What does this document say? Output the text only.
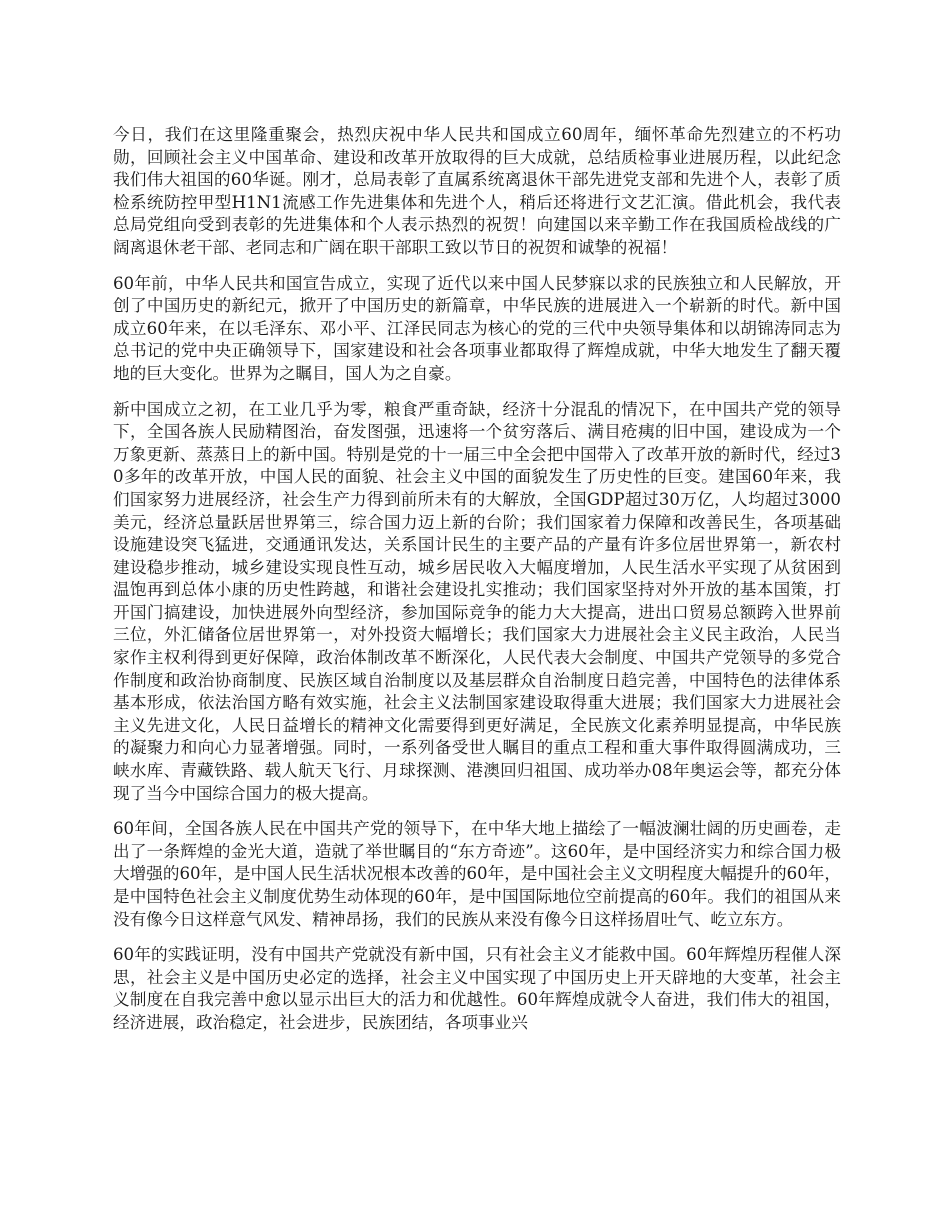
今日，我们在这里隆重聚会，热烈庆祝中华人民共和国成立60周年，缅怀革命先烈建立的不朽功勋，回顾社会主义中国革命、建设和改革开放取得的巨大成就，总结质检事业进展历程，以此纪念我们伟大祖国的60华诞。刚才，总局表彰了直属系统离退休干部先进党支部和先进个人，表彰了质检系统防控甲型H1N1流感工作先进集体和先进个人，稍后还将进行文艺汇演。借此机会，我代表总局党组向受到表彰的先进集体和个人表示热烈的祝贺！向建国以来辛勤工作在我国质检战线的广阔离退休老干部、老同志和广阔在职干部职工致以节日的祝贺和诚挚的祝福！

60年前，中华人民共和国宣告成立，实现了近代以来中国人民梦寐以求的民族独立和人民解放，开创了中国历史的新纪元，掀开了中国历史的新篇章，中华民族的进展进入一个崭新的时代。新中国成立60年来，在以毛泽东、邓小平、江泽民同志为核心的党的三代中央领导集体和以胡锦涛同志为总书记的党中央正确领导下，国家建设和社会各项事业都取得了辉煌成就，中华大地发生了翻天覆地的巨大变化。世界为之瞩目，国人为之自豪。

新中国成立之初，在工业几乎为零，粮食严重奇缺，经济十分混乱的情况下，在中国共产党的领导下，全国各族人民励精图治，奋发图强，迅速将一个贫穷落后、满目疮痍的旧中国，建设成为一个万象更新、蒸蒸日上的新中国。特别是党的十一届三中全会把中国带入了改革开放的新时代，经过30多年的改革开放，中国人民的面貌、社会主义中国的面貌发生了历史性的巨变。建国60年来，我们国家努力进展经济，社会生产力得到前所未有的大解放，全国GDP超过30万亿，人均超过3000美元，经济总量跃居世界第三，综合国力迈上新的台阶；我们国家着力保障和改善民生，各项基础设施建设突飞猛进，交通通讯发达，关系国计民生的主要产品的产量有许多位居世界第一，新农村建设稳步推动，城乡建设实现良性互动，城乡居民收入大幅度增加，人民生活水平实现了从贫困到温饱再到总体小康的历史性跨越，和谐社会建设扎实推动；我们国家坚持对外开放的基本国策，打开国门搞建设，加快进展外向型经济，参加国际竞争的能力大大提高，进出口贸易总额跨入世界前三位，外汇储备位居世界第一，对外投资大幅增长；我们国家大力进展社会主义民主政治，人民当家作主权利得到更好保障，政治体制改革不断深化，人民代表大会制度、中国共产党领导的多党合作制度和政治协商制度、民族区域自治制度以及基层群众自治制度日趋完善，中国特色的法律体系基本形成，依法治国方略有效实施，社会主义法制国家建设取得重大进展；我们国家大力进展社会主义先进文化，人民日益增长的精神文化需要得到更好满足，全民族文化素养明显提高，中华民族的凝聚力和向心力显著增强。同时，一系列备受世人瞩目的重点工程和重大事件取得圆满成功，三峡水库、青藏铁路、载人航天飞行、月球探测、港澳回归祖国、成功举办08年奥运会等，都充分体现了当今中国综合国力的极大提高。

60年间，全国各族人民在中国共产党的领导下，在中华大地上描绘了一幅波澜壮阔的历史画卷，走出了一条辉煌的金光大道，造就了举世瞩目的“东方奇迹”。这60年，是中国经济实力和综合国力极大增强的60年，是中国人民生活状况根本改善的60年，是中国社会主义文明程度大幅提升的60年，是中国特色社会主义制度优势生动体现的60年，是中国国际地位空前提高的60年。我们的祖国从来没有像今日这样意气风发、精神昂扬，我们的民族从来没有像今日这样扬眉吐气、屹立东方。

60年的实践证明，没有中国共产党就没有新中国，只有社会主义才能救中国。60年辉煌历程催人深思，社会主义是中国历史必定的选择，社会主义中国实现了中国历史上开天辟地的大变革，社会主义制度在自我完善中愈以显示出巨大的活力和优越性。60年辉煌成就令人奋进，我们伟大的祖国，经济进展，政治稳定，社会进步，民族团结，各项事业兴
